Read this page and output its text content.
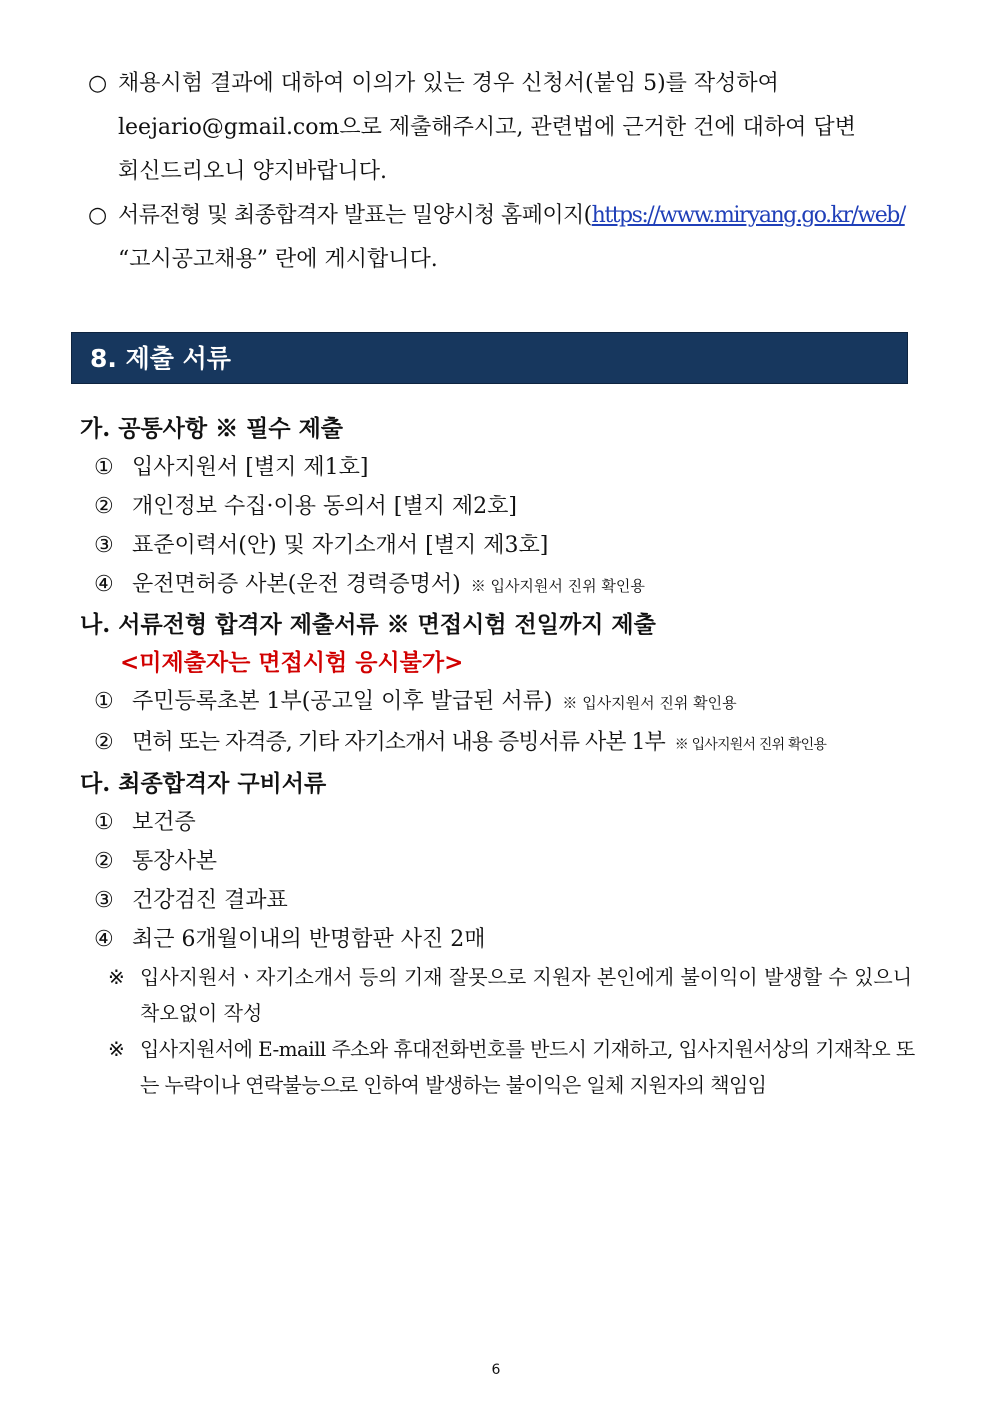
○ 채용시험 결과에 대하여 이의가 있는 경우 신청서(붙임 5)를 작성하여

leejario@gmail.com으로 제출해주시고, 관련법에 근거한 건에 대하여 답변

회신드리오니 양지바랍니다.

○ 서류전형 및 최종합격자 발표는 밀양시청 홈페이지(https://www.miryang.go.kr/web/

“고시공고채용” 란에 게시합니다.

8. 제출 서류

가. 공통사항 ※ 필수 제출

① 입사지원서 [별지 제1호]

② 개인정보 수집·이용 동의서 [별지 제2호]

③ 표준이력서(안) 및 자기소개서 [별지 제3호]

④ 운전면허증 사본(운전 경력증명서) ※ 입사지원서 진위 확인용

나. 서류전형 합격자 제출서류 ※ 면접시험 전일까지 제출

<미제출자는 면접시험 응시불가>

① 주민등록초본 1부(공고일 이후 발급된 서류) ※ 입사지원서 진위 확인용

② 면허 또는 자격증, 기타 자기소개서 내용 증빙서류 사본 1부 ※ 입사지원서 진위 확인용

다. 최종합격자 구비서류

① 보건증

② 통장사본

③ 건강검진 결과표

④ 최근 6개월이내의 반명함판 사진 2매

※ 입사지원서ㆍ자기소개서 등의 기재 잘못으로 지원자 본인에게 불이익이 발생할 수 있으니 착오없이 작성

※ 입사지원서에 E-maill 주소와 휴대전화번호를 반드시 기재하고, 입사지원서상의 기재착오 또는 누락이나 연락불능으로 인하여 발생하는 불이익은 일체 지원자의 책임임

6
